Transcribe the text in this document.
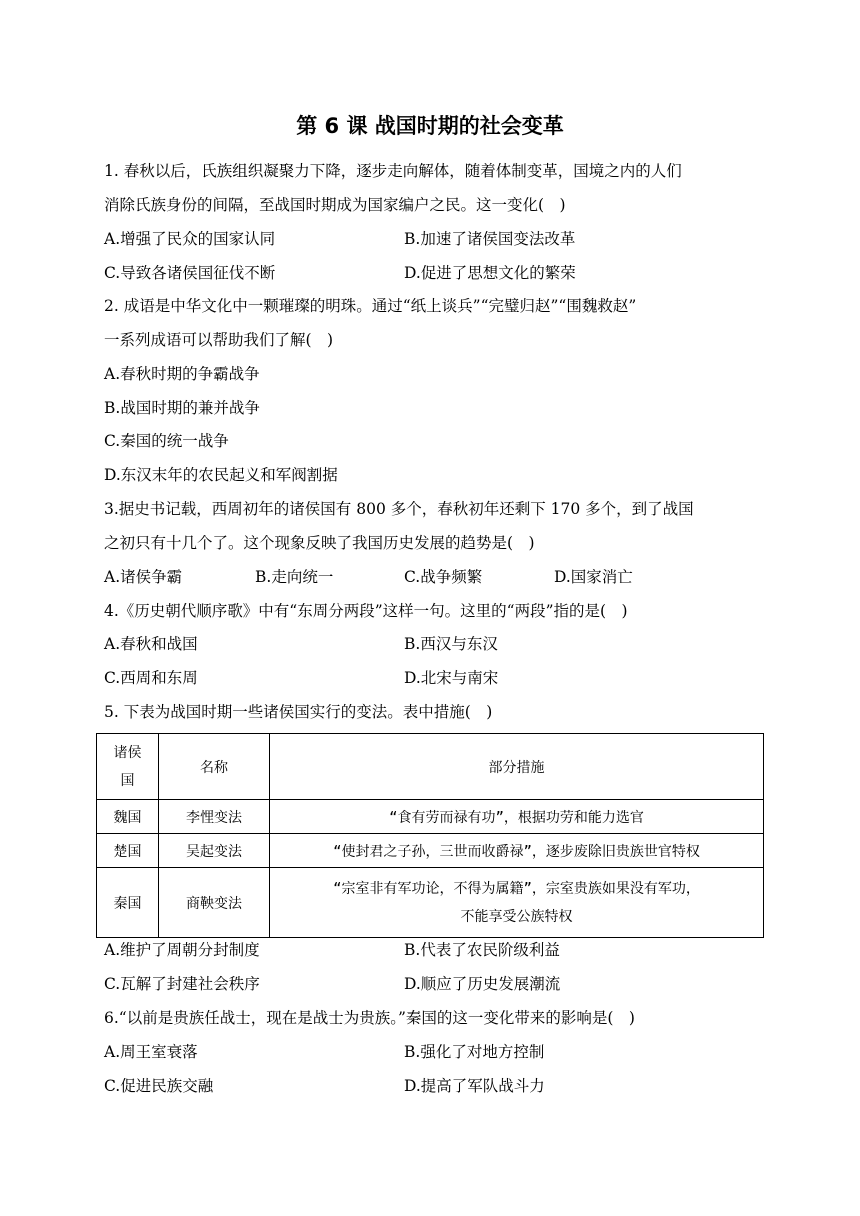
第 6 课 战国时期的社会变革
1. 春秋以后，氏族组织凝聚力下降，逐步走向解体，随着体制变革，国境之内的人们
消除氏族身份的间隔，至战国时期成为国家编户之民。这一变化(　)
A.增强了民众的国家认同	B.加速了诸侯国变法改革
C.导致各诸侯国征伐不断	D.促进了思想文化的繁荣
2. 成语是中华文化中一颗璀璨的明珠。通过“纸上谈兵”“完璧归赵”“围魏救赵”
一系列成语可以帮助我们了解(　)
A.春秋时期的争霸战争
B.战国时期的兼并战争
C.秦国的统一战争
D.东汉末年的农民起义和军阀割据
3.据史书记载，西周初年的诸侯国有 800 多个，春秋初年还剩下 170 多个，到了战国
之初只有十几个了。这个现象反映了我国历史发展的趋势是(　)
A.诸侯争霸	B.走向统一	C.战争频繁	D.国家消亡
4.《历史朝代顺序歌》中有“东周分两段”这样一句。这里的“两段”指的是(　)
A.春秋和战国	B.西汉与东汉
C.西周和东周	D.北宋与南宋
5. 下表为战国时期一些诸侯国实行的变法。表中措施(　)
诸侯
国	名称	部分措施
魏国	李悝变法	“食有劳而禄有功”，根据功劳和能力选官
楚国	吴起变法	“使封君之子孙，三世而收爵禄”，逐步废除旧贵族世官特权
秦国	商鞅变法	“宗室非有军功论，不得为属籍”，宗室贵族如果没有军功，
不能享受公族特权
A.维护了周朝分封制度	B.代表了农民阶级利益
C.瓦解了封建社会秩序	D.顺应了历史发展潮流
6.“以前是贵族任战士，现在是战士为贵族。”秦国的这一变化带来的影响是(　)
A.周王室衰落	B.强化了对地方控制
C.促进民族交融	D.提高了军队战斗力
